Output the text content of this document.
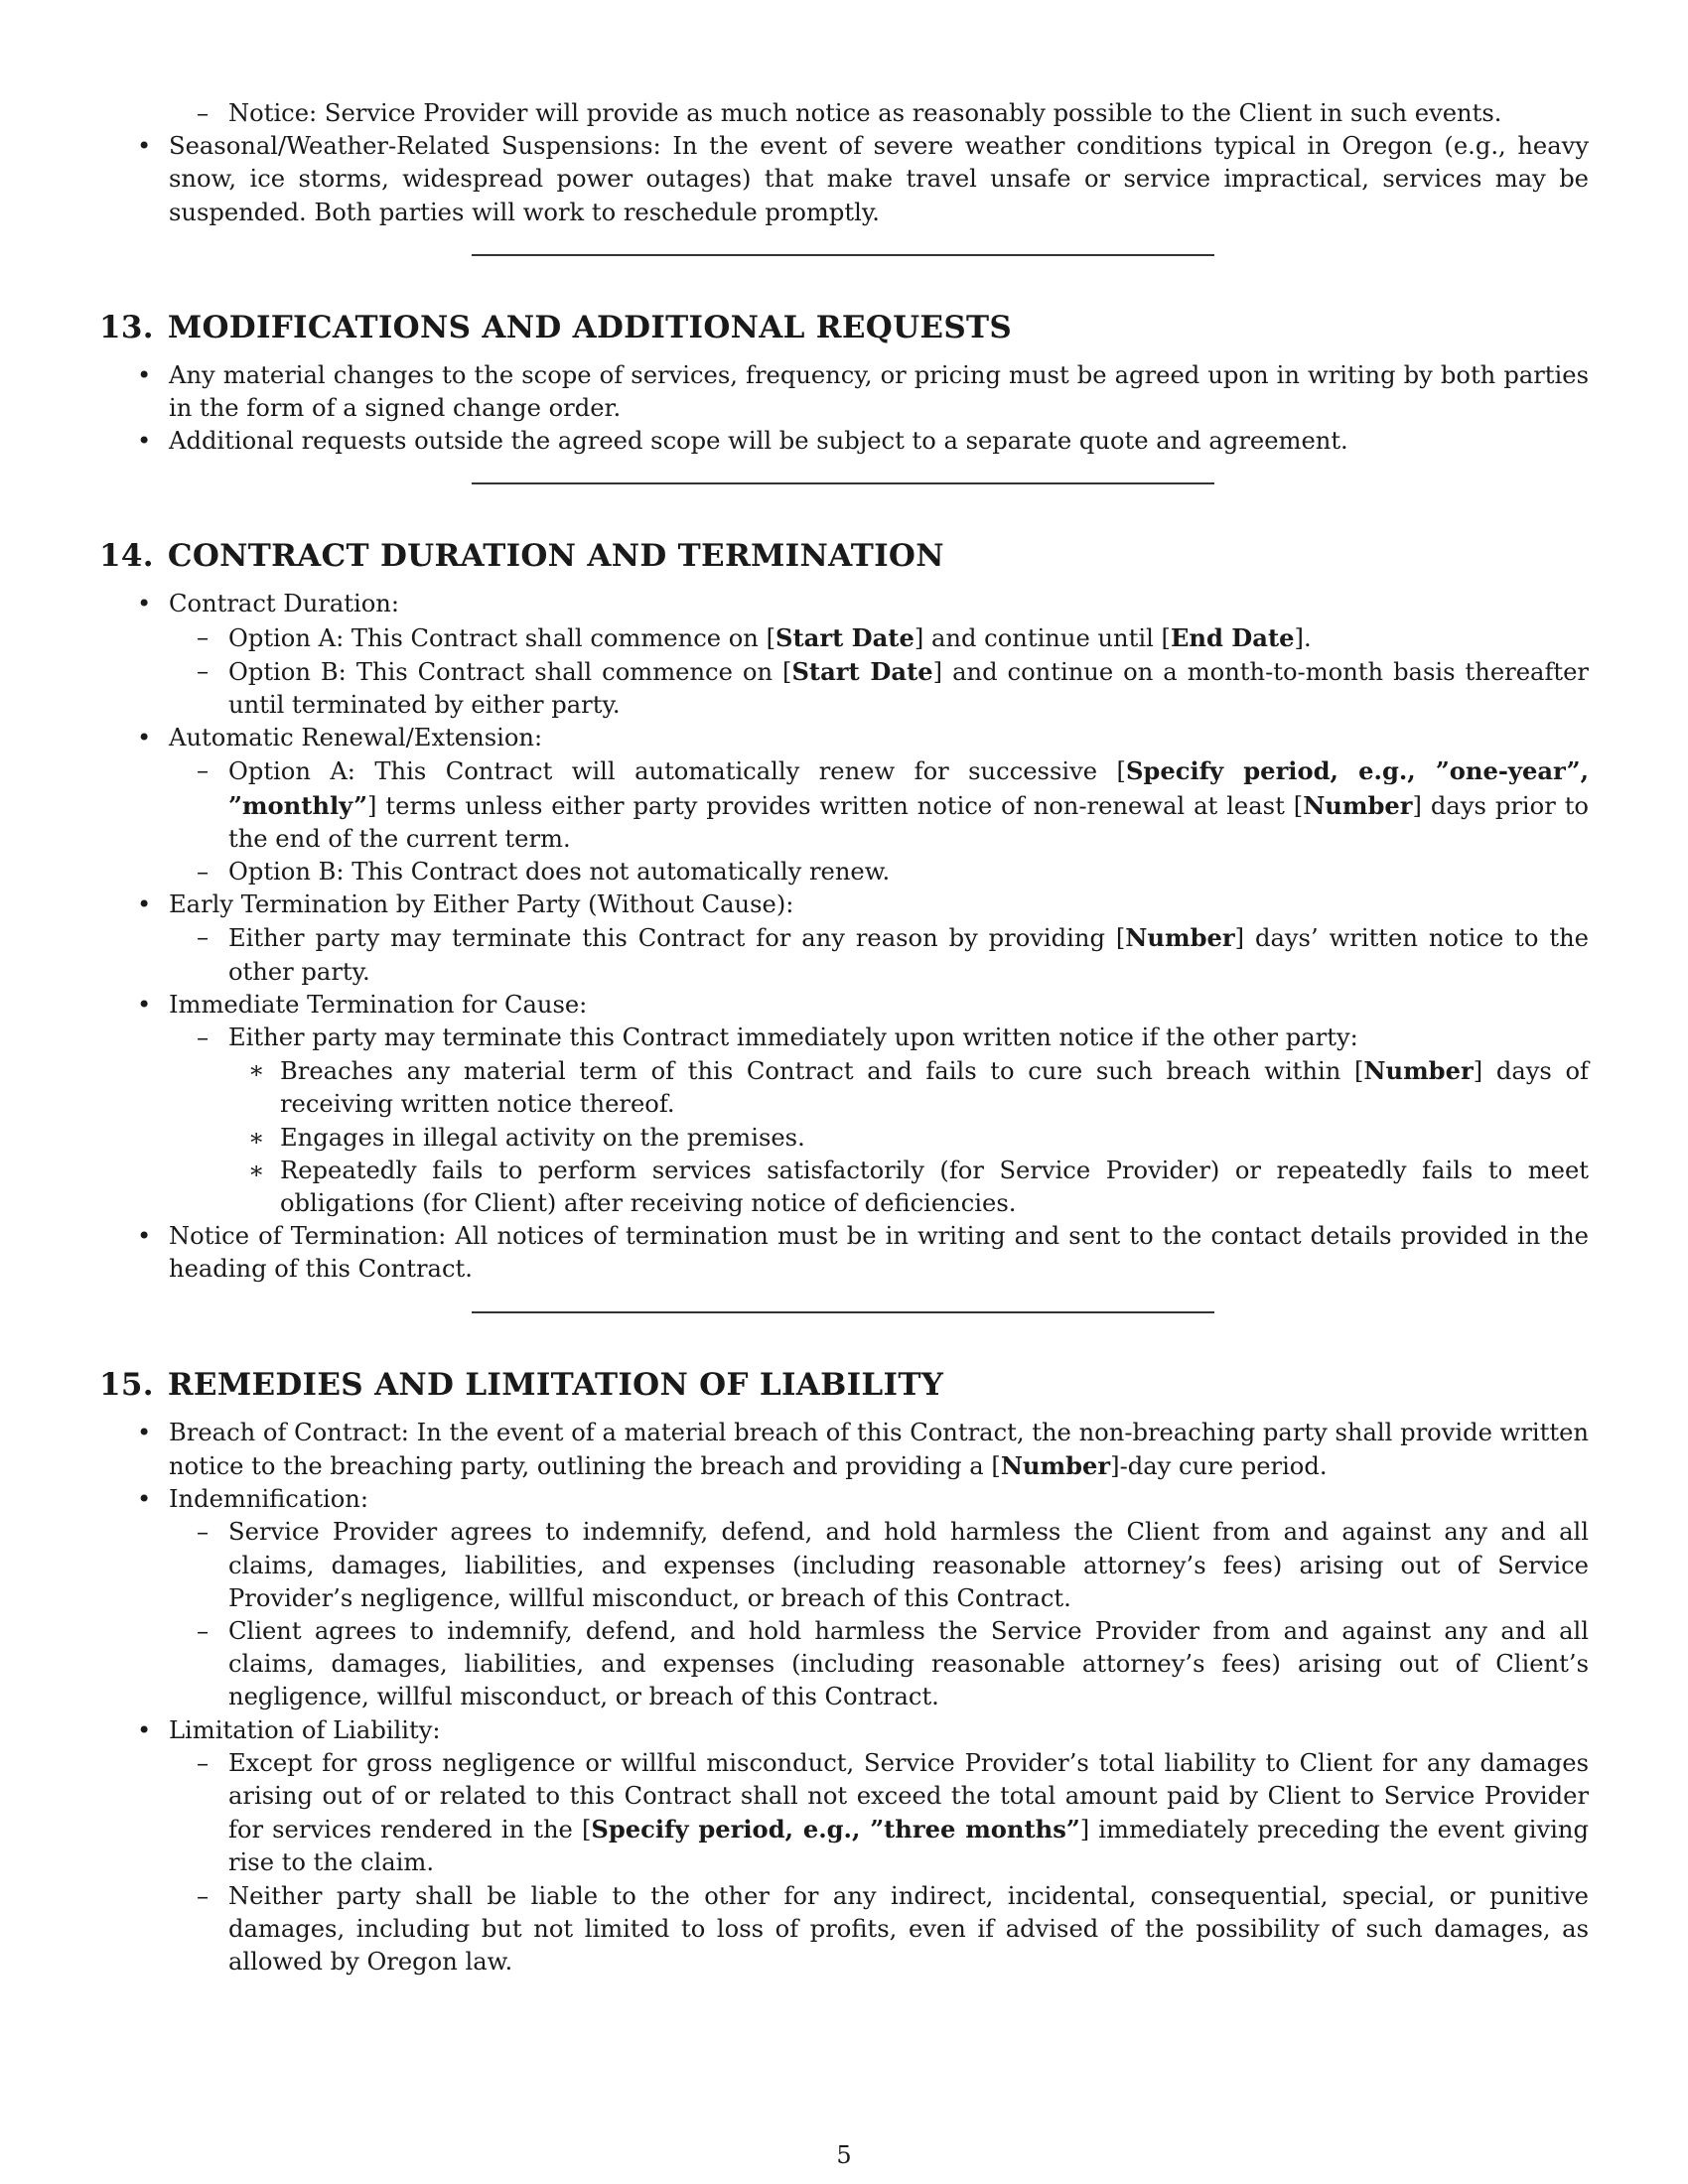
– Notice: Service Provider will provide as much notice as reasonably possible to the Client in such events.
• Seasonal/Weather-Related Suspensions: In the event of severe weather conditions typical in Oregon (e.g., heavy snow, ice storms, widespread power outages) that make travel unsafe or service impractical, services may be suspended. Both parties will work to reschedule promptly.
13. MODIFICATIONS AND ADDITIONAL REQUESTS
• Any material changes to the scope of services, frequency, or pricing must be agreed upon in writing by both parties in the form of a signed change order.
• Additional requests outside the agreed scope will be subject to a separate quote and agreement.
14. CONTRACT DURATION AND TERMINATION
• Contract Duration:
– Option A: This Contract shall commence on [Start Date] and continue until [End Date].
– Option B: This Contract shall commence on [Start Date] and continue on a month-to-month basis thereafter until terminated by either party.
• Automatic Renewal/Extension:
– Option A: This Contract will automatically renew for successive [Specify period, e.g., ”one-year”, ”monthly”] terms unless either party provides written notice of non-renewal at least [Number] days prior to the end of the current term.
– Option B: This Contract does not automatically renew.
• Early Termination by Either Party (Without Cause):
– Either party may terminate this Contract for any reason by providing [Number] days’ written notice to the other party.
• Immediate Termination for Cause:
– Either party may terminate this Contract immediately upon written notice if the other party:
∗ Breaches any material term of this Contract and fails to cure such breach within [Number] days of receiving written notice thereof.
∗ Engages in illegal activity on the premises.
∗ Repeatedly fails to perform services satisfactorily (for Service Provider) or repeatedly fails to meet obligations (for Client) after receiving notice of deficiencies.
• Notice of Termination: All notices of termination must be in writing and sent to the contact details provided in the heading of this Contract.
15. REMEDIES AND LIMITATION OF LIABILITY
• Breach of Contract: In the event of a material breach of this Contract, the non-breaching party shall provide written notice to the breaching party, outlining the breach and providing a [Number]-day cure period.
• Indemnification:
– Service Provider agrees to indemnify, defend, and hold harmless the Client from and against any and all claims, damages, liabilities, and expenses (including reasonable attorney’s fees) arising out of Service Provider’s negligence, willful misconduct, or breach of this Contract.
– Client agrees to indemnify, defend, and hold harmless the Service Provider from and against any and all claims, damages, liabilities, and expenses (including reasonable attorney’s fees) arising out of Client’s negligence, willful misconduct, or breach of this Contract.
• Limitation of Liability:
– Except for gross negligence or willful misconduct, Service Provider’s total liability to Client for any damages arising out of or related to this Contract shall not exceed the total amount paid by Client to Service Provider for services rendered in the [Specify period, e.g., ”three months”] immediately preceding the event giving rise to the claim.
– Neither party shall be liable to the other for any indirect, incidental, consequential, special, or punitive damages, including but not limited to loss of profits, even if advised of the possibility of such damages, as allowed by Oregon law.
5
